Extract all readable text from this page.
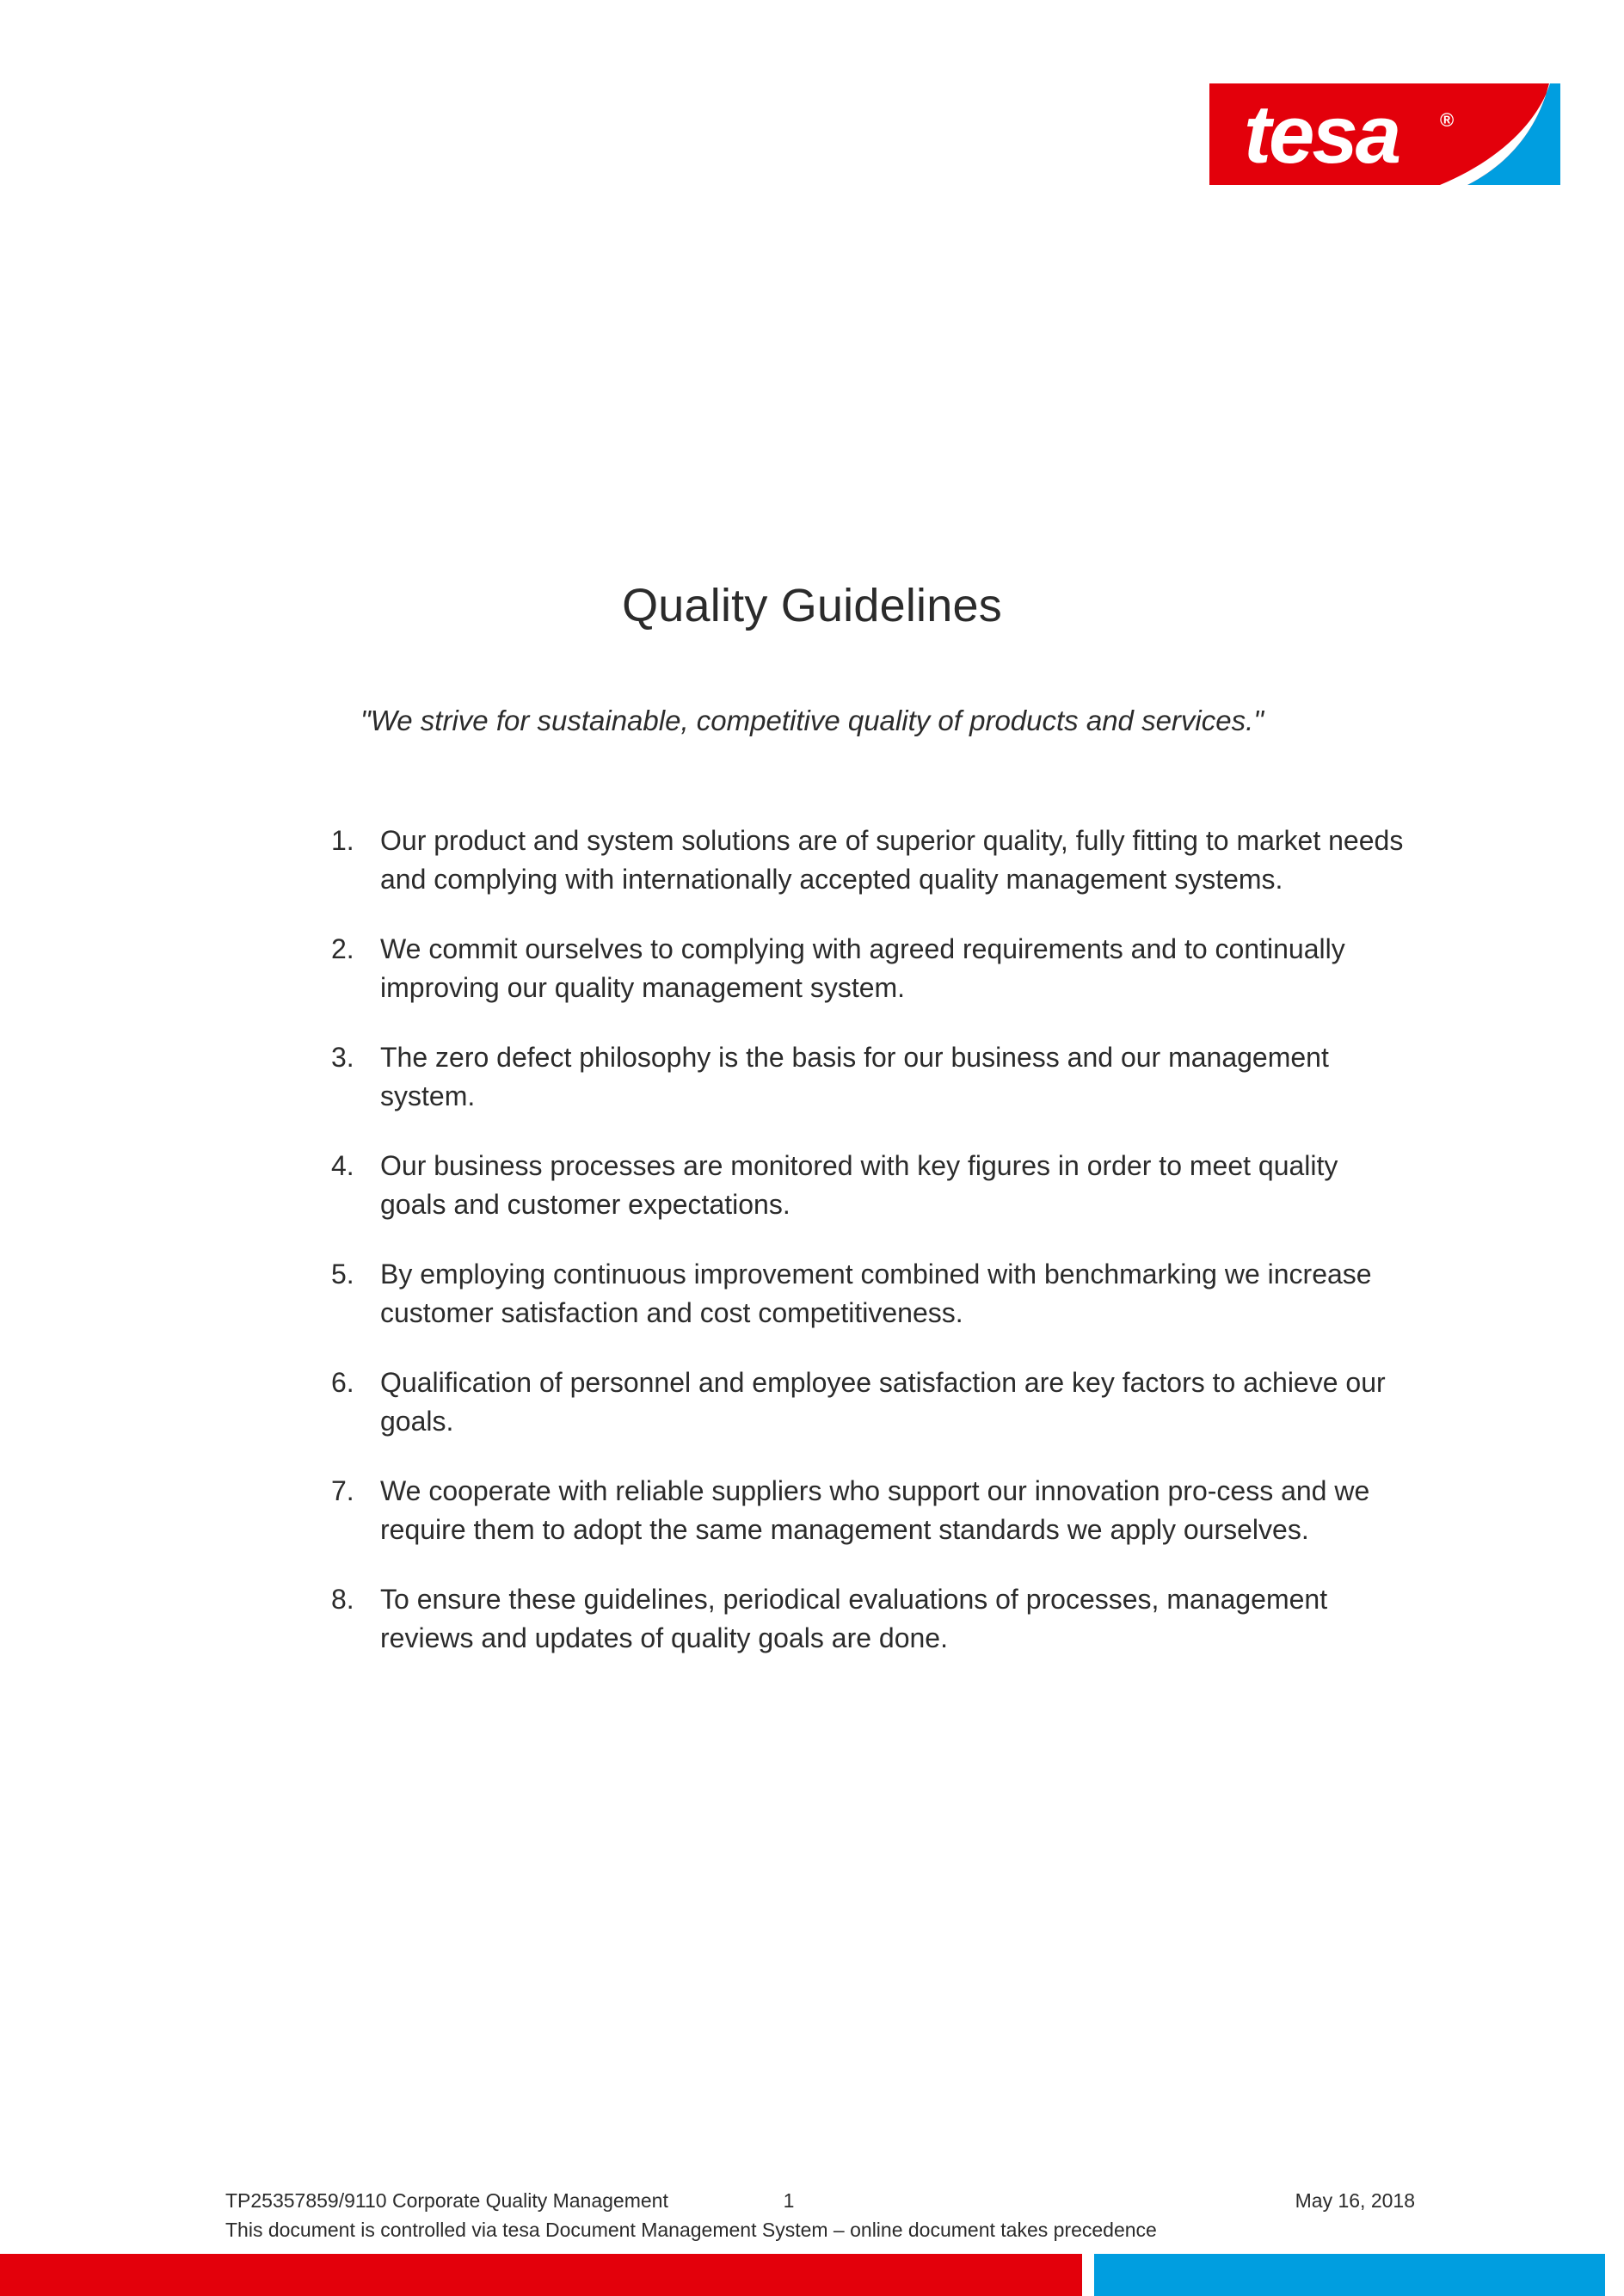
tesa ®
Quality Guidelines
"We strive for sustainable, competitive quality of products and services."
1. Our product and system solutions are of superior quality, fully fitting to market needs and complying with internationally accepted quality management systems.
2. We commit ourselves to complying with agreed requirements and to continually improving our quality management system.
3. The zero defect philosophy is the basis for our business and our management system.
4. Our business processes are monitored with key figures in order to meet quality goals and customer expectations.
5. By employing continuous improvement combined with benchmarking we increase customer satisfaction and cost competitiveness.
6. Qualification of personnel and employee satisfaction are key factors to achieve our goals.
7. We cooperate with reliable suppliers who support our innovation pro-cess and we require them to adopt the same management standards we apply ourselves.
8. To ensure these guidelines, periodical evaluations of processes, management reviews and updates of quality goals are done.
TP25357859/9110 Corporate Quality Management	1	May 16, 2018
This document is controlled via tesa Document Management System – online document takes precedence
